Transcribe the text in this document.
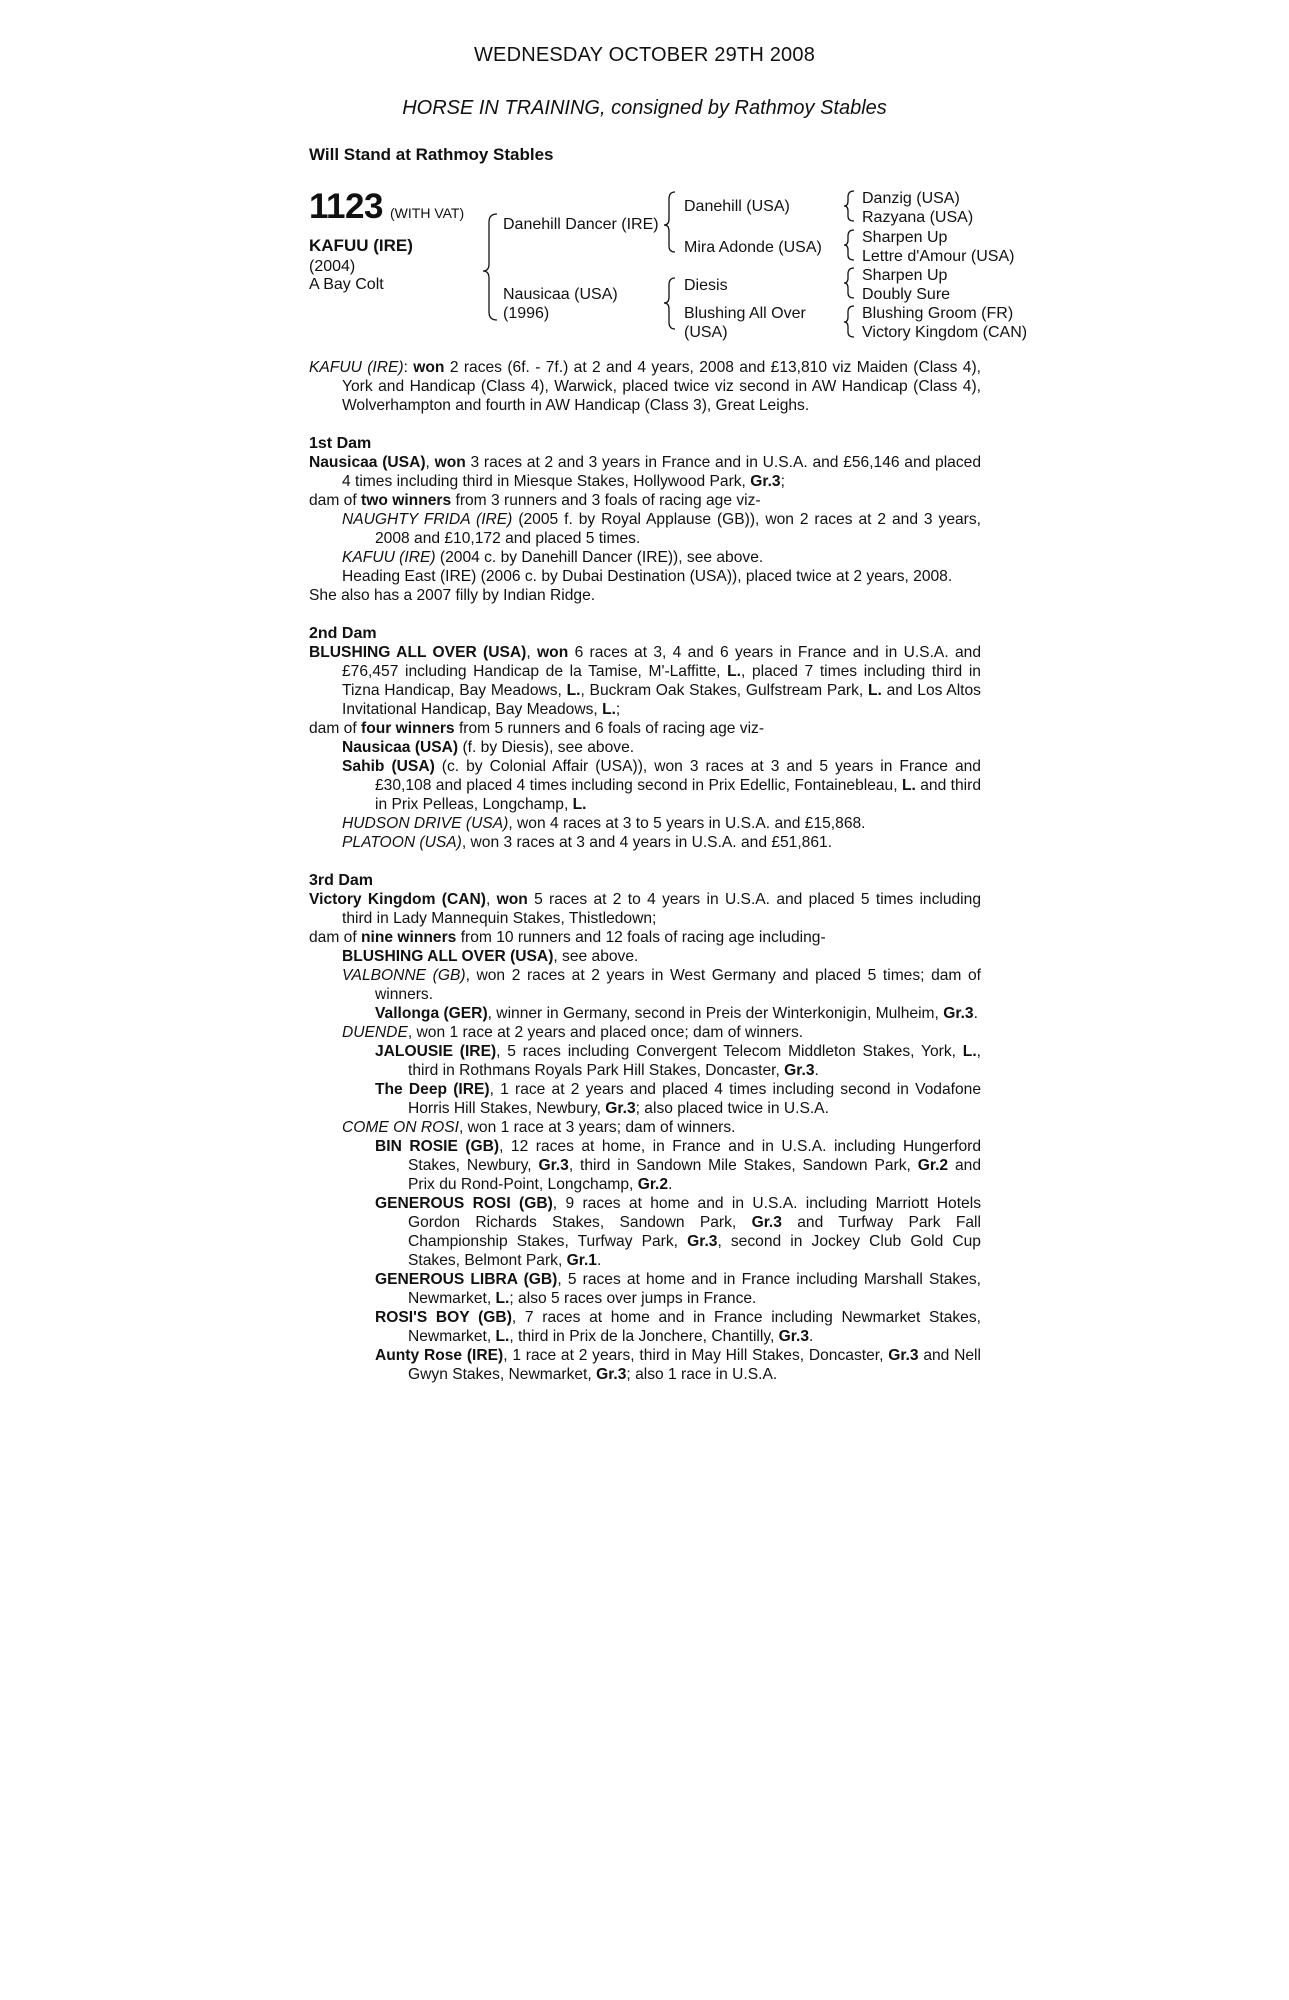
WEDNESDAY OCTOBER 29TH 2008
HORSE IN TRAINING, consigned by Rathmoy Stables
Will Stand at Rathmoy Stables
1123 (WITH VAT)
KAFUU (IRE)
(2004)
A Bay Colt
Danehill Dancer (IRE)
Nausicaa (USA)
(1996)
Danehill (USA)
Mira Adonde (USA)
Diesis
Blushing All Over
(USA)
Danzig (USA)
Razyana (USA)
Sharpen Up
Lettre d'Amour (USA)
Sharpen Up
Doubly Sure
Blushing Groom (FR)
Victory Kingdom (CAN)

KAFUU (IRE): won 2 races (6f. - 7f.) at 2 and 4 years, 2008 and £13,810 viz Maiden (Class 4), York and Handicap (Class 4), Warwick, placed twice viz second in AW Handicap (Class 4), Wolverhampton and fourth in AW Handicap (Class 3), Great Leighs.

1st Dam

Nausicaa (USA), won 3 races at 2 and 3 years in France and in U.S.A. and £56,146 and placed 4 times including third in Miesque Stakes, Hollywood Park, Gr.3;

dam of two winners from 3 runners and 3 foals of racing age viz-

NAUGHTY FRIDA (IRE) (2005 f. by Royal Applause (GB)), won 2 races at 2 and 3 years, 2008 and £10,172 and placed 5 times.

KAFUU (IRE) (2004 c. by Danehill Dancer (IRE)), see above.

Heading East (IRE) (2006 c. by Dubai Destination (USA)), placed twice at 2 years, 2008.

She also has a 2007 filly by Indian Ridge.

2nd Dam

BLUSHING ALL OVER (USA), won 6 races at 3, 4 and 6 years in France and in U.S.A. and £76,457 including Handicap de la Tamise, M'-Laffitte, L., placed 7 times including third in Tizna Handicap, Bay Meadows, L., Buckram Oak Stakes, Gulfstream Park, L. and Los Altos Invitational Handicap, Bay Meadows, L.;

dam of four winners from 5 runners and 6 foals of racing age viz-

Nausicaa (USA) (f. by Diesis), see above.

Sahib (USA) (c. by Colonial Affair (USA)), won 3 races at 3 and 5 years in France and £30,108 and placed 4 times including second in Prix Edellic, Fontainebleau, L. and third in Prix Pelleas, Longchamp, L.

HUDSON DRIVE (USA), won 4 races at 3 to 5 years in U.S.A. and £15,868.

PLATOON (USA), won 3 races at 3 and 4 years in U.S.A. and £51,861.

3rd Dam

Victory Kingdom (CAN), won 5 races at 2 to 4 years in U.S.A. and placed 5 times including third in Lady Mannequin Stakes, Thistledown;

dam of nine winners from 10 runners and 12 foals of racing age including-

BLUSHING ALL OVER (USA), see above.

VALBONNE (GB), won 2 races at 2 years in West Germany and placed 5 times; dam of winners.

Vallonga (GER), winner in Germany, second in Preis der Winterkonigin, Mulheim, Gr.3.

DUENDE, won 1 race at 2 years and placed once; dam of winners.

JALOUSIE (IRE), 5 races including Convergent Telecom Middleton Stakes, York, L., third in Rothmans Royals Park Hill Stakes, Doncaster, Gr.3.

The Deep (IRE), 1 race at 2 years and placed 4 times including second in Vodafone Horris Hill Stakes, Newbury, Gr.3; also placed twice in U.S.A.

COME ON ROSI, won 1 race at 3 years; dam of winners.

BIN ROSIE (GB), 12 races at home, in France and in U.S.A. including Hungerford Stakes, Newbury, Gr.3, third in Sandown Mile Stakes, Sandown Park, Gr.2 and Prix du Rond-Point, Longchamp, Gr.2.

GENEROUS ROSI (GB), 9 races at home and in U.S.A. including Marriott Hotels Gordon Richards Stakes, Sandown Park, Gr.3 and Turfway Park Fall Championship Stakes, Turfway Park, Gr.3, second in Jockey Club Gold Cup Stakes, Belmont Park, Gr.1.

GENEROUS LIBRA (GB), 5 races at home and in France including Marshall Stakes, Newmarket, L.; also 5 races over jumps in France.

ROSI'S BOY (GB), 7 races at home and in France including Newmarket Stakes, Newmarket, L., third in Prix de la Jonchere, Chantilly, Gr.3.

Aunty Rose (IRE), 1 race at 2 years, third in May Hill Stakes, Doncaster, Gr.3 and Nell Gwyn Stakes, Newmarket, Gr.3; also 1 race in U.S.A.
